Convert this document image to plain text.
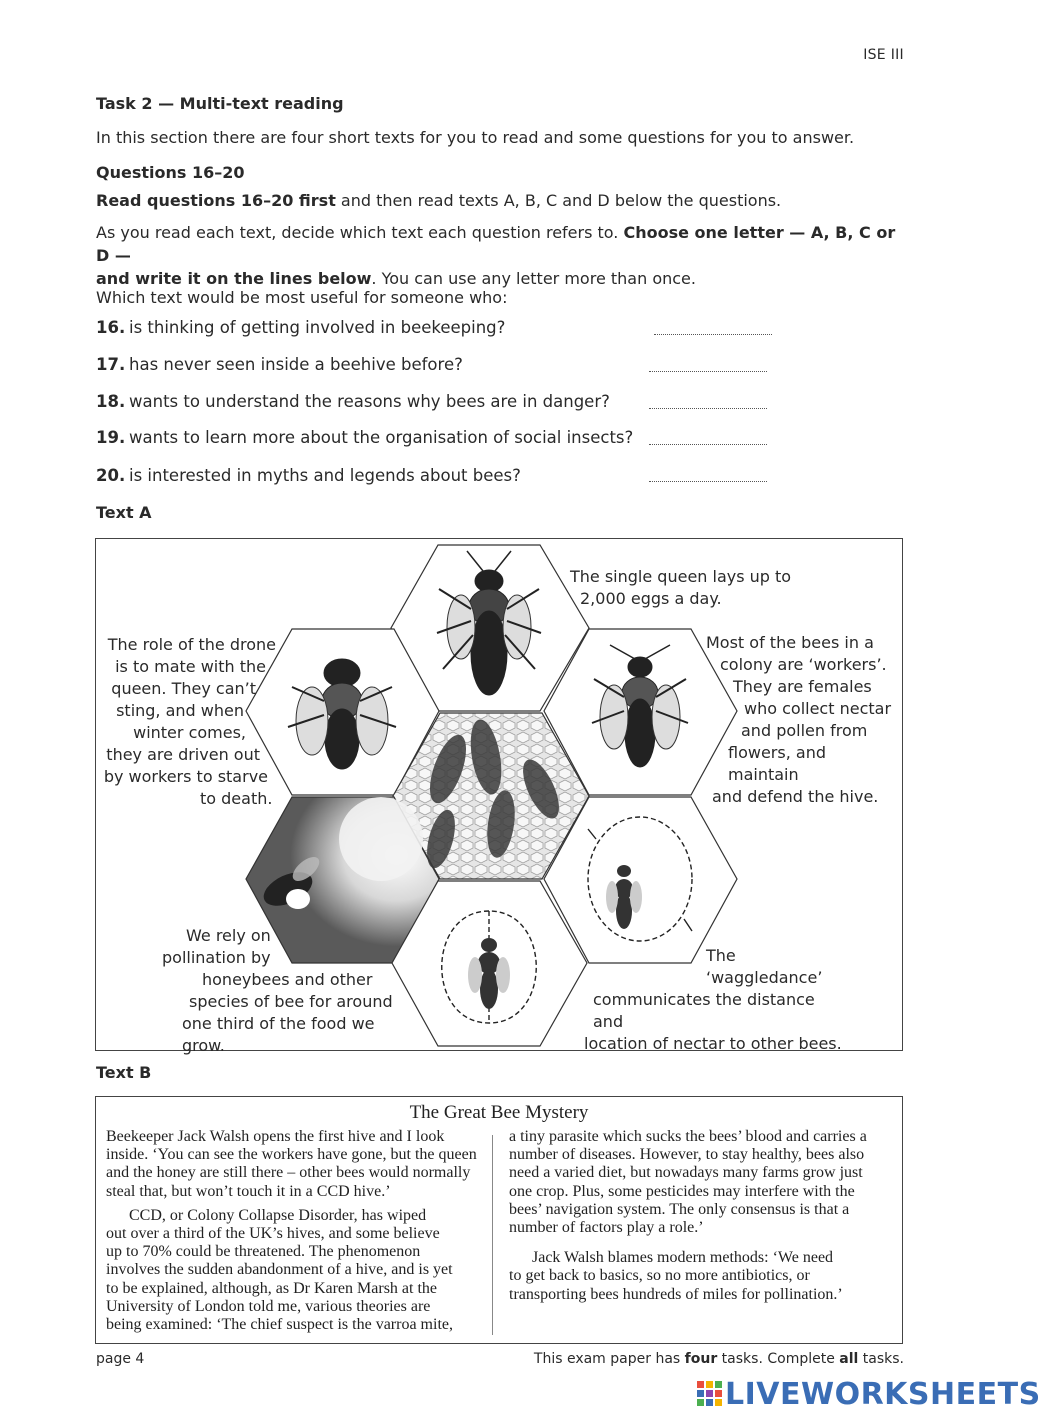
ISE III
Task 2 — Multi-text reading
In this section there are four short texts for you to read and some questions for you to answer.
Questions 16–20
Read questions 16–20 first and then read texts A, B, C and D below the questions.
As you read each text, decide which text each question refers to. Choose one letter — A, B, C or D —
and write it on the lines below. You can use any letter more than once.
Which text would be most useful for someone who:
16. is thinking of getting involved in beekeeping?
17. has never seen inside a beehive before?
18. wants to understand the reasons why bees are in danger?
19. wants to learn more about the organisation of social insects?
20. is interested in myths and legends about bees?
Text A
The single queen lays up to
2,000 eggs a day.
Most of the bees in a
colony are ‘workers’.
They are females
who collect nectar
and pollen from
flowers, and maintain
and defend the hive.
The role of the drone
is to mate with the
queen. They can’t
sting, and when
winter comes,
they are driven out
by workers to starve
to death.
We rely on
pollination by
honeybees and other
species of bee for around
one third of the food we grow.
The ‘waggledance’
communicates the distance and
location of nectar to other bees.
Text B
The Great Bee Mystery
Beekeeper Jack Walsh opens the first hive and I look
inside. ‘You can see the workers have gone, but the queen
and the honey are still there – other bees would normally
steal that, but won’t touch it in a CCD hive.’
CCD, or Colony Collapse Disorder, has wiped
out over a third of the UK’s hives, and some believe
up to 70% could be threatened. The phenomenon
involves the sudden abandonment of a hive, and is yet
to be explained, although, as Dr Karen Marsh at the
University of London told me, various theories are
being examined: ‘The chief suspect is the varroa mite,
a tiny parasite which sucks the bees’ blood and carries a
number of diseases. However, to stay healthy, bees also
need a varied diet, but nowadays many farms grow just
one crop. Plus, some pesticides may interfere with the
bees’ navigation system. The only consensus is that a
number of factors play a role.’
Jack Walsh blames modern methods: ‘We need
to get back to basics, so no more antibiotics, or
transporting bees hundreds of miles for pollination.’
page 4	This exam paper has four tasks. Complete all tasks.
LIVEWORKSHEETS
